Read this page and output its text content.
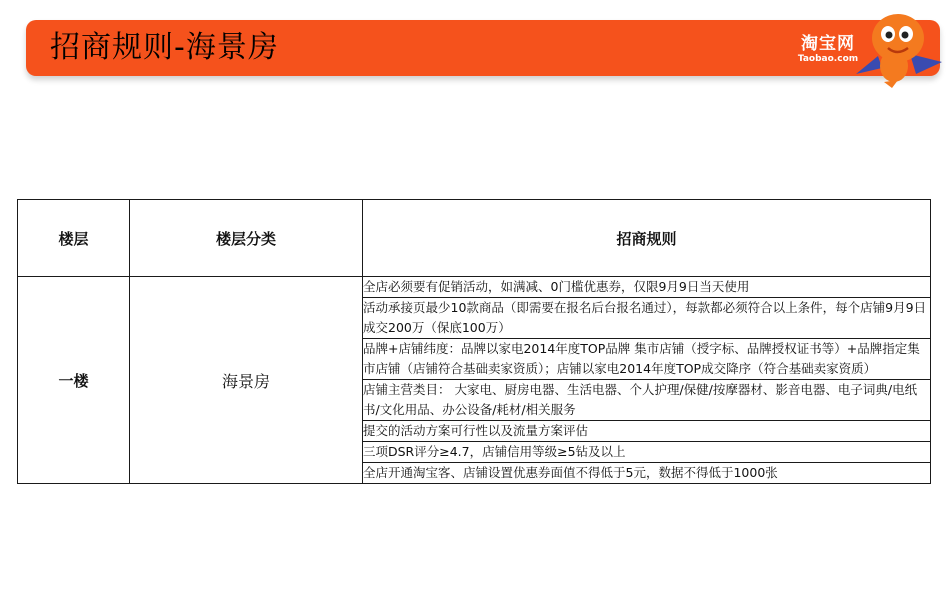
招商规则-海景房	淘宝网
Taobao.com
楼层	楼层分类	招商规则
一楼	海景房	全店必须要有促销活动，如满减、0门槛优惠券，仅限9月9日当天使用
		活动承接页最少10款商品（即需要在报名后台报名通过），每款都必须符合以上条件，每个店铺9月9日成交200万（保底100万）
		品牌+店铺纬度：品牌以家电2014年度TOP品牌 集市店铺（授字标、品牌授权证书等）+品牌指定集市店铺（店铺符合基础卖家资质）；店铺以家电2014年度TOP成交降序（符合基础卖家资质）
		店铺主营类目： 大家电、厨房电器、生活电器、个人护理/保健/按摩器材、影音电器、电子词典/电纸书/文化用品、办公设备/耗材/相关服务
		提交的活动方案可行性以及流量方案评估
		三项DSR评分≥4.7，店铺信用等级≥5钻及以上
		全店开通淘宝客、店铺设置优惠券面值不得低于5元，数据不得低于1000张
